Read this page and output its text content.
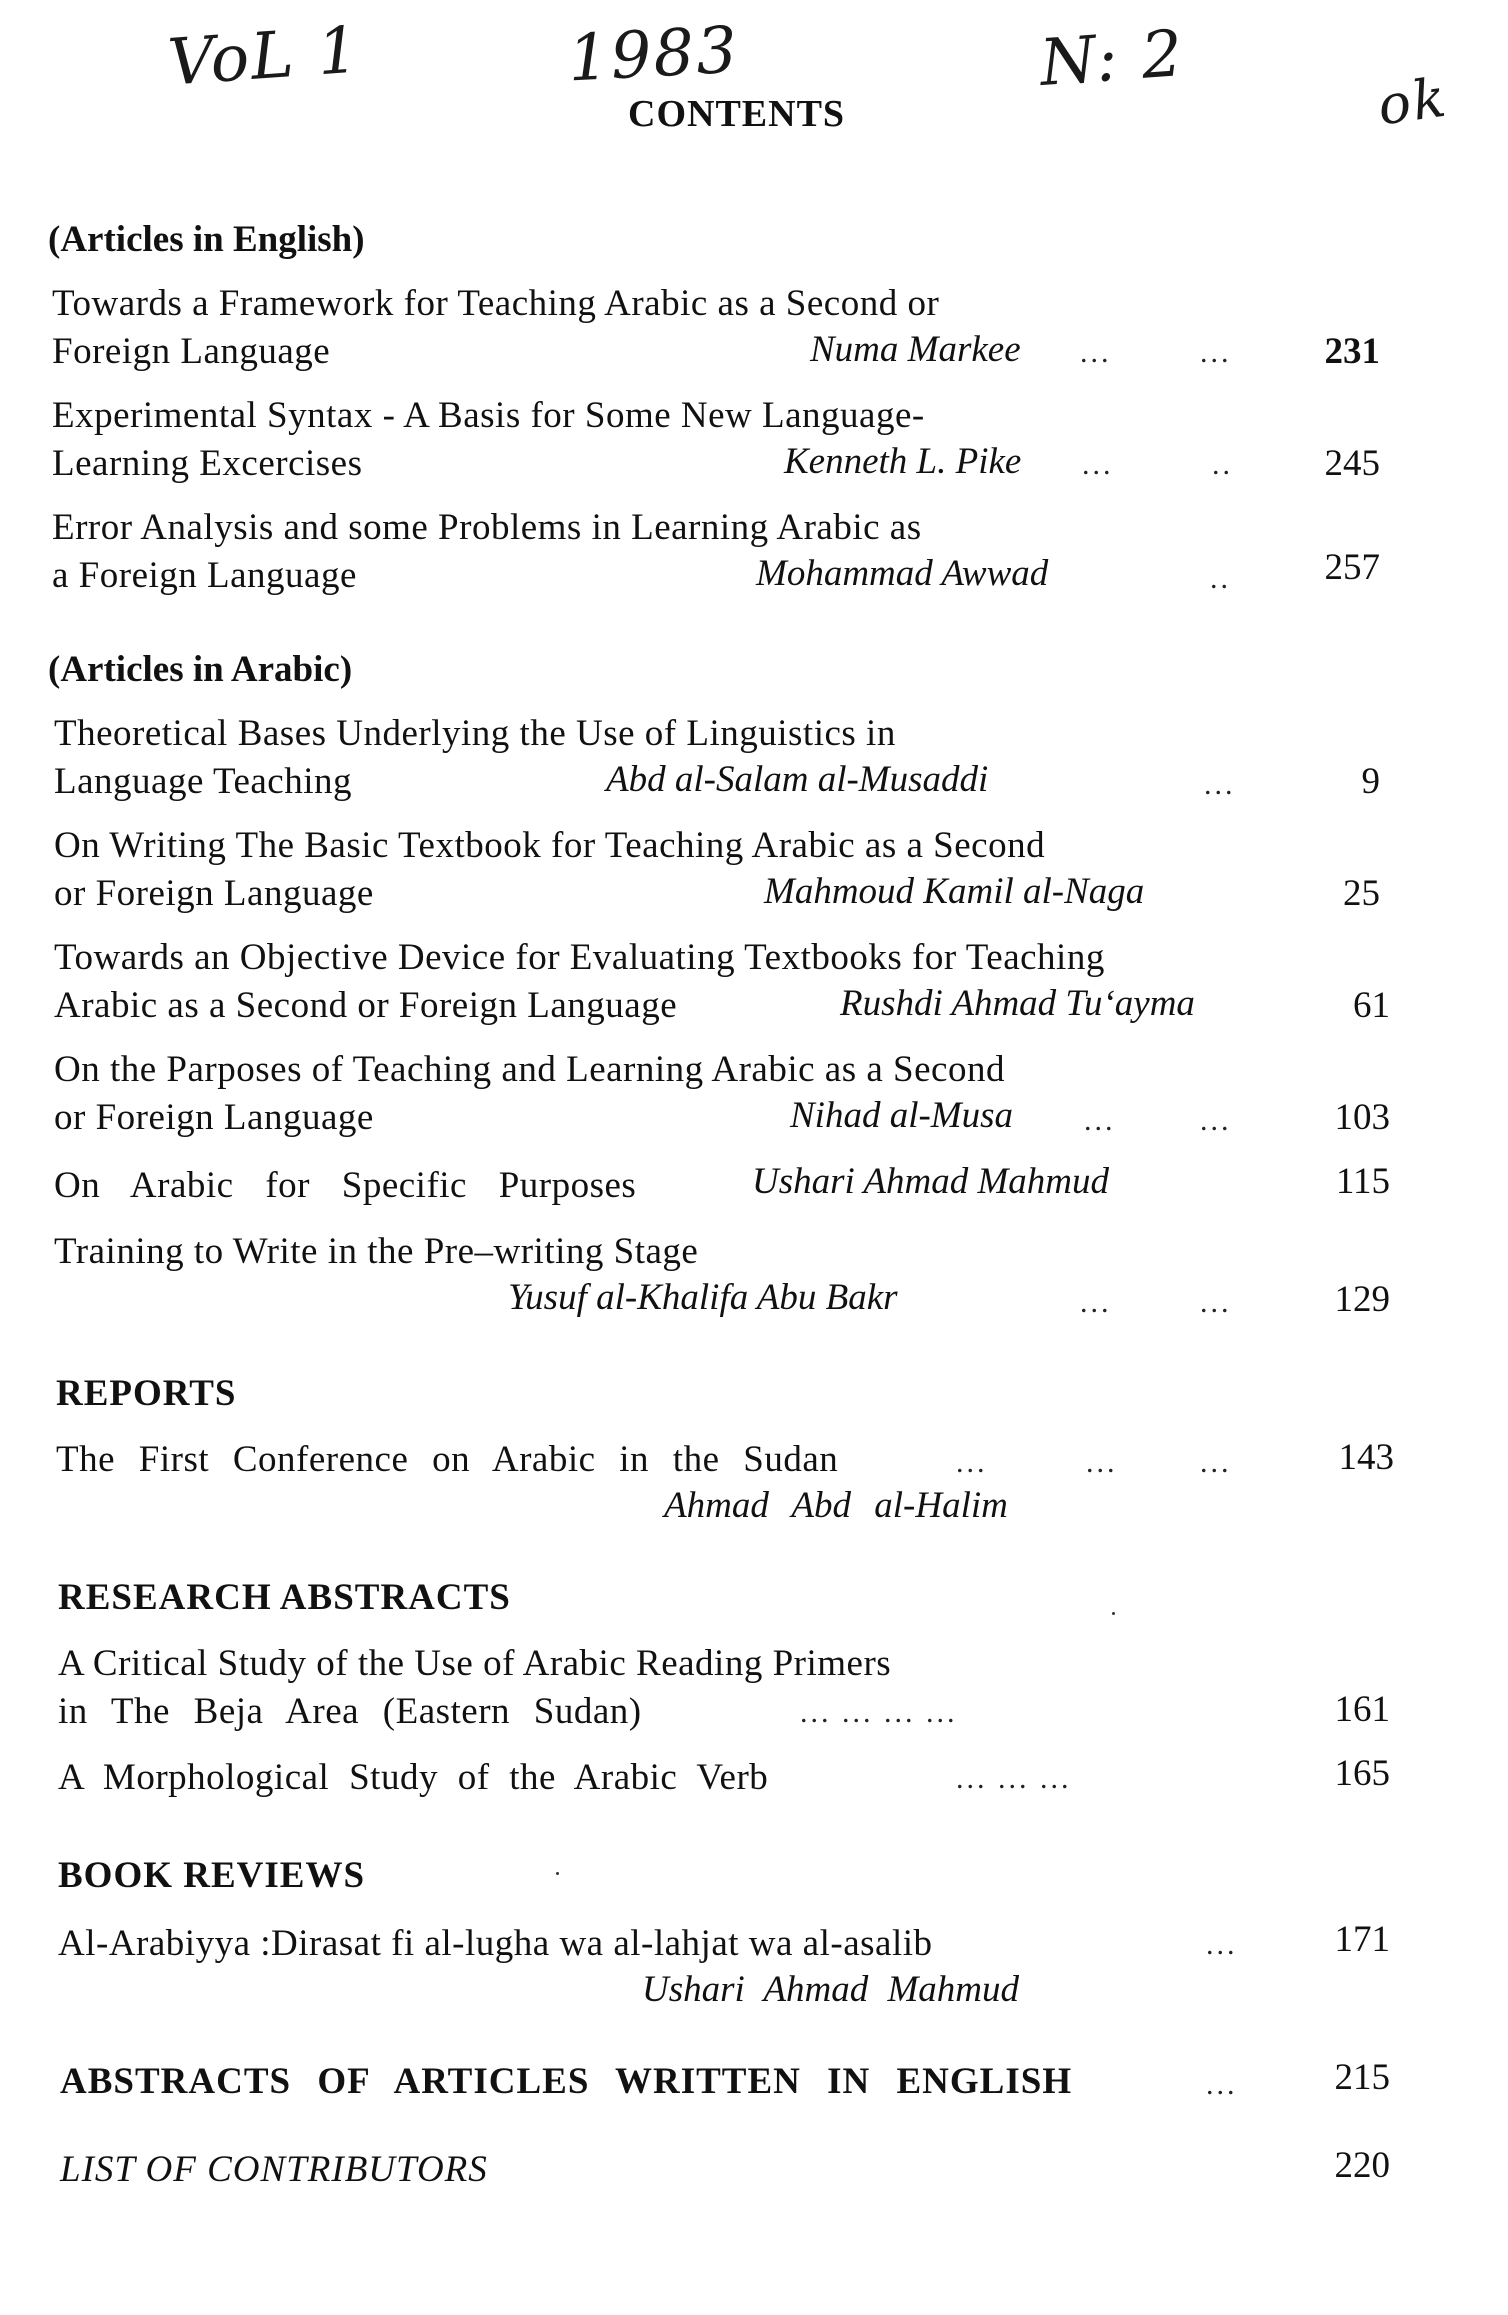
VoL 1	1983	N: 2
ok
CONTENTS
(Articles in English)
Towards a Framework for Teaching Arabic as a Second or
Foreign Language	Numa Markee ...	...	231
Experimental Syntax - A Basis for Some New Language-
Learning Excercises	Kenneth L. Pike ...	..	245
Error Analysis and some Problems in Learning Arabic as
a Foreign Language	Mohammad Awwad	..	257
(Articles in Arabic)
Theoretical Bases Underlying the Use of Linguistics in
Language Teaching	Abd al-Salam al-Musaddi	...	9
On Writing The Basic Textbook for Teaching Arabic as a Second
or Foreign Language	Mahmoud Kamil al-Naga	25
Towards an Objective Device for Evaluating Textbooks for Teaching
Arabic as a Second or Foreign Language	Rushdi Ahmad Tu‘ayma	61
On the Parposes of Teaching and Learning Arabic as a Second
or Foreign Language	Nihad al-Musa ...	...	103
On Arabic for Specific Purposes	Ushari Ahmad Mahmud	115
Training to Write in the Pre–writing Stage
Yusuf al-Khalifa Abu Bakr	...	...	129
REPORTS
The First Conference on Arabic in the Sudan	...	...	...	143
Ahmad Abd al-Halim
RESEARCH ABSTRACTS
A Critical Study of the Use of Arabic Reading Primers
in The Beja Area (Eastern Sudan)	... ... ... ...	161
A Morphological Study of the Arabic Verb	... ... ...	165
BOOK REVIEWS
Al-Arabiyya :Dirasat fi al-lugha wa al-lahjat wa al-asalib	...	171
Ushari Ahmad Mahmud
ABSTRACTS OF ARTICLES WRITTEN IN ENGLISH	...	215
LIST OF CONTRIBUTORS	220
